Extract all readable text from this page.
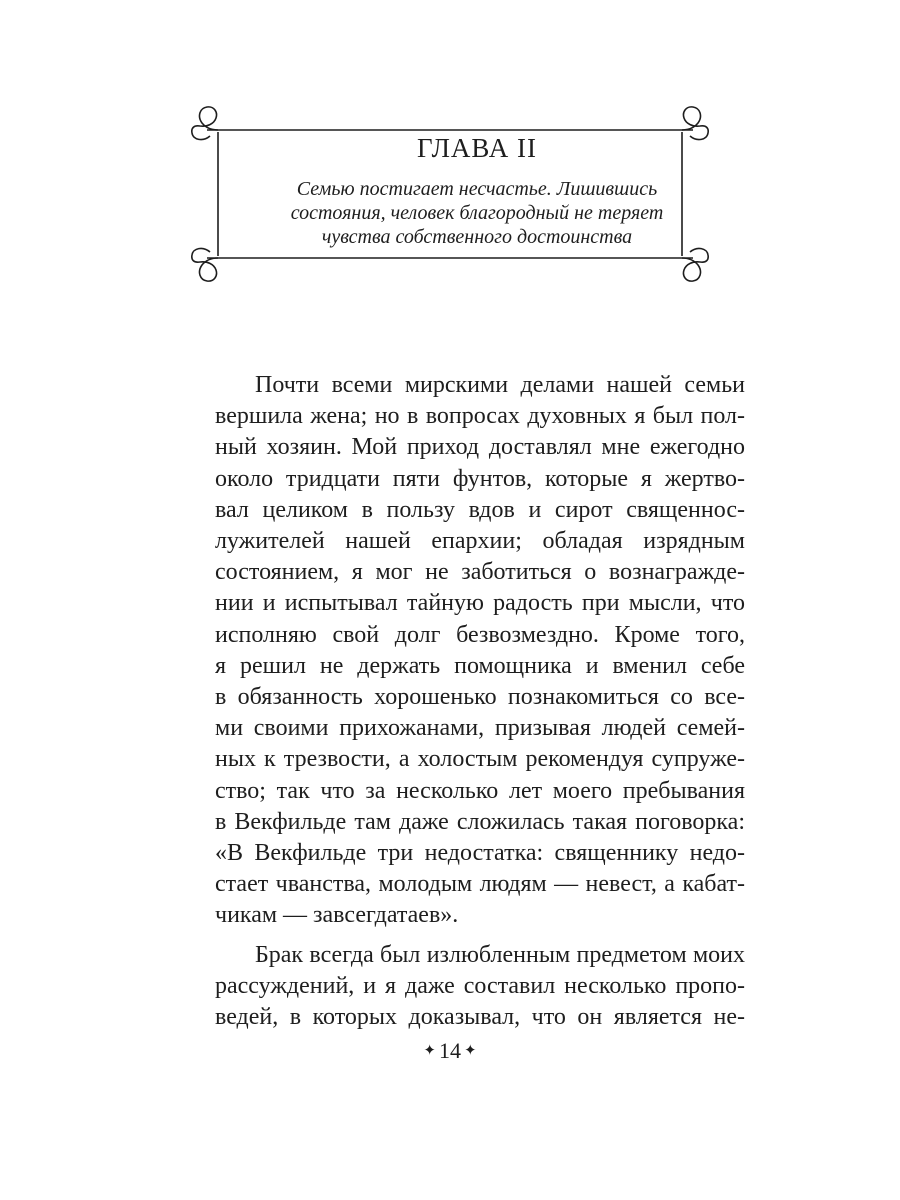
ГЛАВА II

Семью постигает несчастье. Лишившись
состояния, человек благородный не теряет
чувства собственного достоинства

Почти всеми мирскими делами нашей семьи
вершила жена; но в вопросах духовных я был пол-
ный хозяин. Мой приход доставлял мне ежегодно
около тридцати пяти фунтов, которые я жертво-
вал целиком в пользу вдов и сирот священнос-
лужителей нашей епархии; обладая изрядным
состоянием, я мог не заботиться о вознагражде-
нии и испытывал тайную радость при мысли, что
исполняю свой долг безвозмездно. Кроме того,
я решил не держать помощника и вменил себе
в обязанность хорошенько познакомиться со все-
ми своими прихожанами, призывая людей семей-
ных к трезвости, а холостым рекомендуя супруже-
ство; так что за несколько лет моего пребывания
в Векфильде там даже сложилась такая поговорка:
«В Векфильде три недостатка: священнику недо-
стает чванства, молодым людям — невест, а кабат-
чикам — завсегдатаев».
Брак всегда был излюбленным предметом моих
рассуждений, и я даже составил несколько пропо-
ведей, в которых доказывал, что он является не-
✦ 14 ✦
